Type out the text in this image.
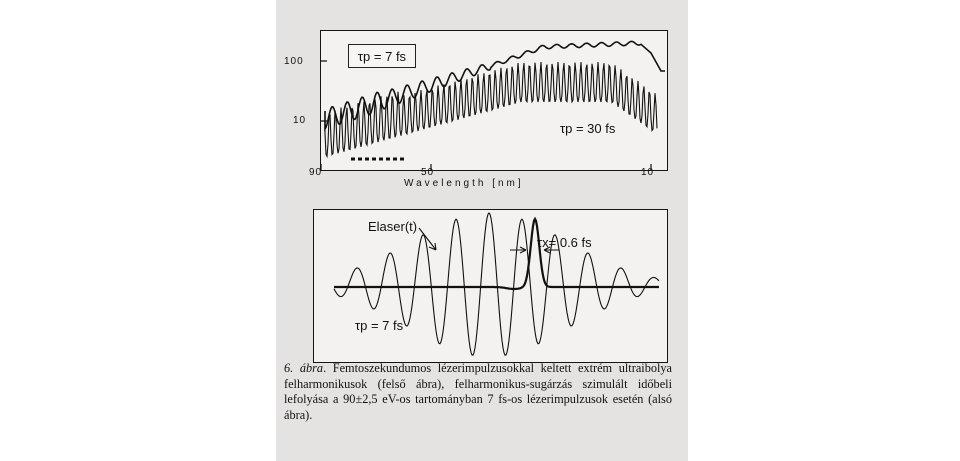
τp = 7 fs
τp = 30 fs
100
10
90	50	10
Wavelength [nm]
Elaser(t)
τx= 0.6 fs
τp = 7 fs
6. ábra. Femtoszekundumos lézerimpulzusokkal keltett extrém ultraibolya felharmonikusok (felső ábra), felharmonikus-sugárzás szimulált időbeli lefolyása a 90±2,5 eV-os tartományban 7 fs-os lézerimpulzusok esetén (alsó ábra).
